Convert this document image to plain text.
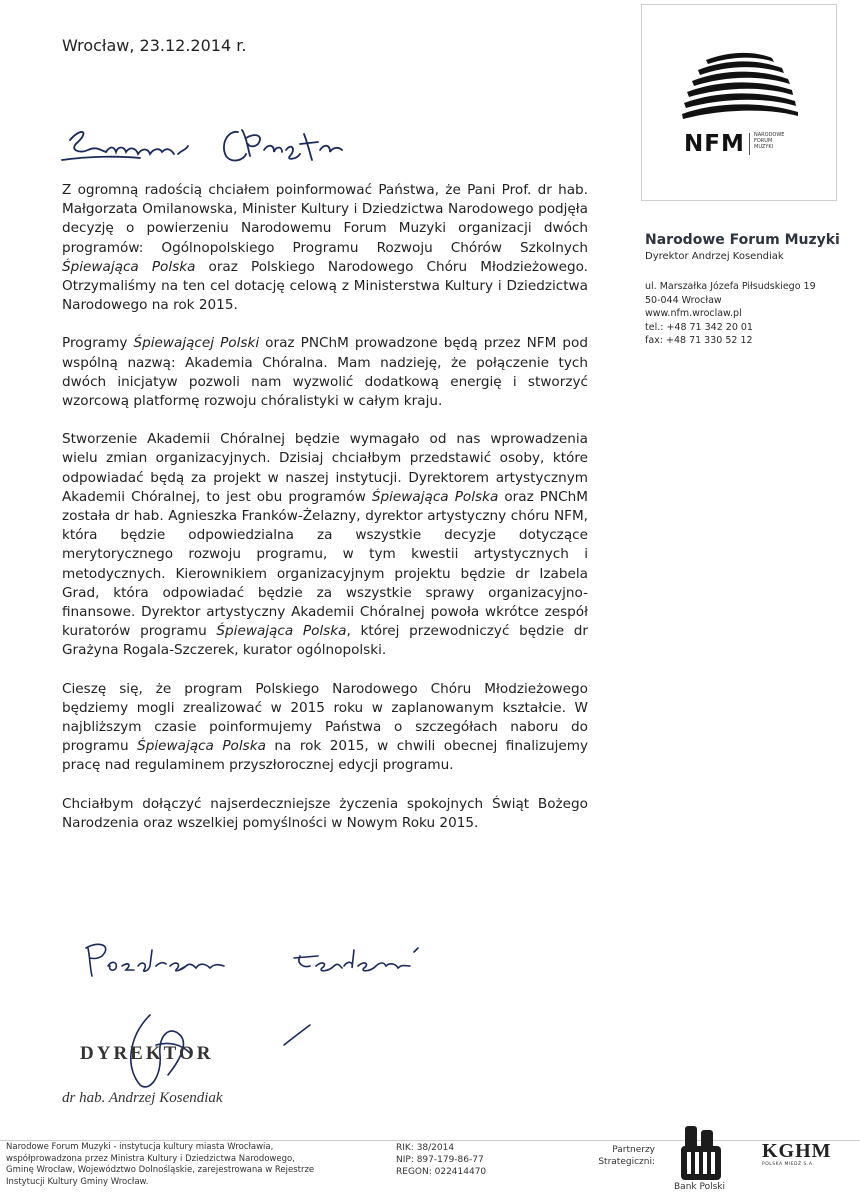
Wrocław, 23.12.2014 r.
NFM NARODOWE
FORUM
MUZYKI
Narodowe Forum Muzyki
Dyrektor Andrzej Kosendiak
ul. Marszałka Józefa Piłsudskiego 19
50-044 Wrocław
www.nfm.wroclaw.pl
tel.: +48 71 342 20 01
fax: +48 71 330 52 12

Z ogromną radością chciałem poinformować Państwa, że Pani Prof. dr hab. Małgorzata Omilanowska, Minister Kultury i Dziedzictwa Narodowego podjęła decyzję o powierzeniu Narodowemu Forum Muzyki organizacji dwóch programów: Ogólnopolskiego Programu Rozwoju Chórów Szkolnych Śpiewająca Polska oraz Polskiego Narodowego Chóru Młodzieżowego. Otrzymaliśmy na ten cel dotację celową z Ministerstwa Kultury i Dziedzictwa Narodowego na rok 2015.

Programy Śpiewającej Polski oraz PNChM prowadzone będą przez NFM pod wspólną nazwą: Akademia Chóralna. Mam nadzieję, że połączenie tych dwóch inicjatyw pozwoli nam wyzwolić dodatkową energię i stworzyć wzorcową platformę rozwoju chóralistyki w całym kraju.

Stworzenie Akademii Chóralnej będzie wymagało od nas wprowadzenia wielu zmian organizacyjnych. Dzisiaj chciałbym przedstawić osoby, które odpowiadać będą za projekt w naszej instytucji. Dyrektorem artystycznym Akademii Chóralnej, to jest obu programów Śpiewająca Polska oraz PNChM została dr hab. Agnieszka Franków-Żelazny, dyrektor artystyczny chóru NFM, która będzie odpowiedzialna za wszystkie decyzje dotyczące merytorycznego rozwoju programu, w tym kwestii artystycznych i metodycznych. Kierownikiem organizacyjnym projektu będzie dr Izabela Grad, która odpowiadać będzie za wszystkie sprawy organizacyjno-finansowe. Dyrektor artystyczny Akademii Chóralnej powoła wkrótce zespół kuratorów programu Śpiewająca Polska, której przewodniczyć będzie dr Grażyna Rogala-Szczerek, kurator ogólnopolski.

Cieszę się, że program Polskiego Narodowego Chóru Młodzieżowego będziemy mogli zrealizować w 2015 roku w zaplanowanym kształcie. W najbliższym czasie poinformujemy Państwa o szczegółach naboru do programu Śpiewająca Polska na rok 2015, w chwili obecnej finalizujemy pracę nad regulaminem przyszłorocznej edycji programu.

Chciałbym dołączyć najserdeczniejsze życzenia spokojnych Świąt Bożego Narodzenia oraz wszelkiej pomyślności w Nowym Roku 2015.

DYREKTOR
dr hab. Andrzej Kosendiak
Narodowe Forum Muzyki - instytucja kultury miasta Wrocławia,
współprowadzona przez Ministra Kultury i Dziedzictwa Narodowego,
Gminę Wrocław, Województwo Dolnośląskie, zarejestrowana w Rejestrze
Instytucji Kultury Gminy Wrocław.
RIK: 38/2014
NIP: 897-179-86-77
REGON: 022414470
Partnerzy
Strategiczni:
Bank Polski
KGHM
POLSKA MIEDŹ S.A.
